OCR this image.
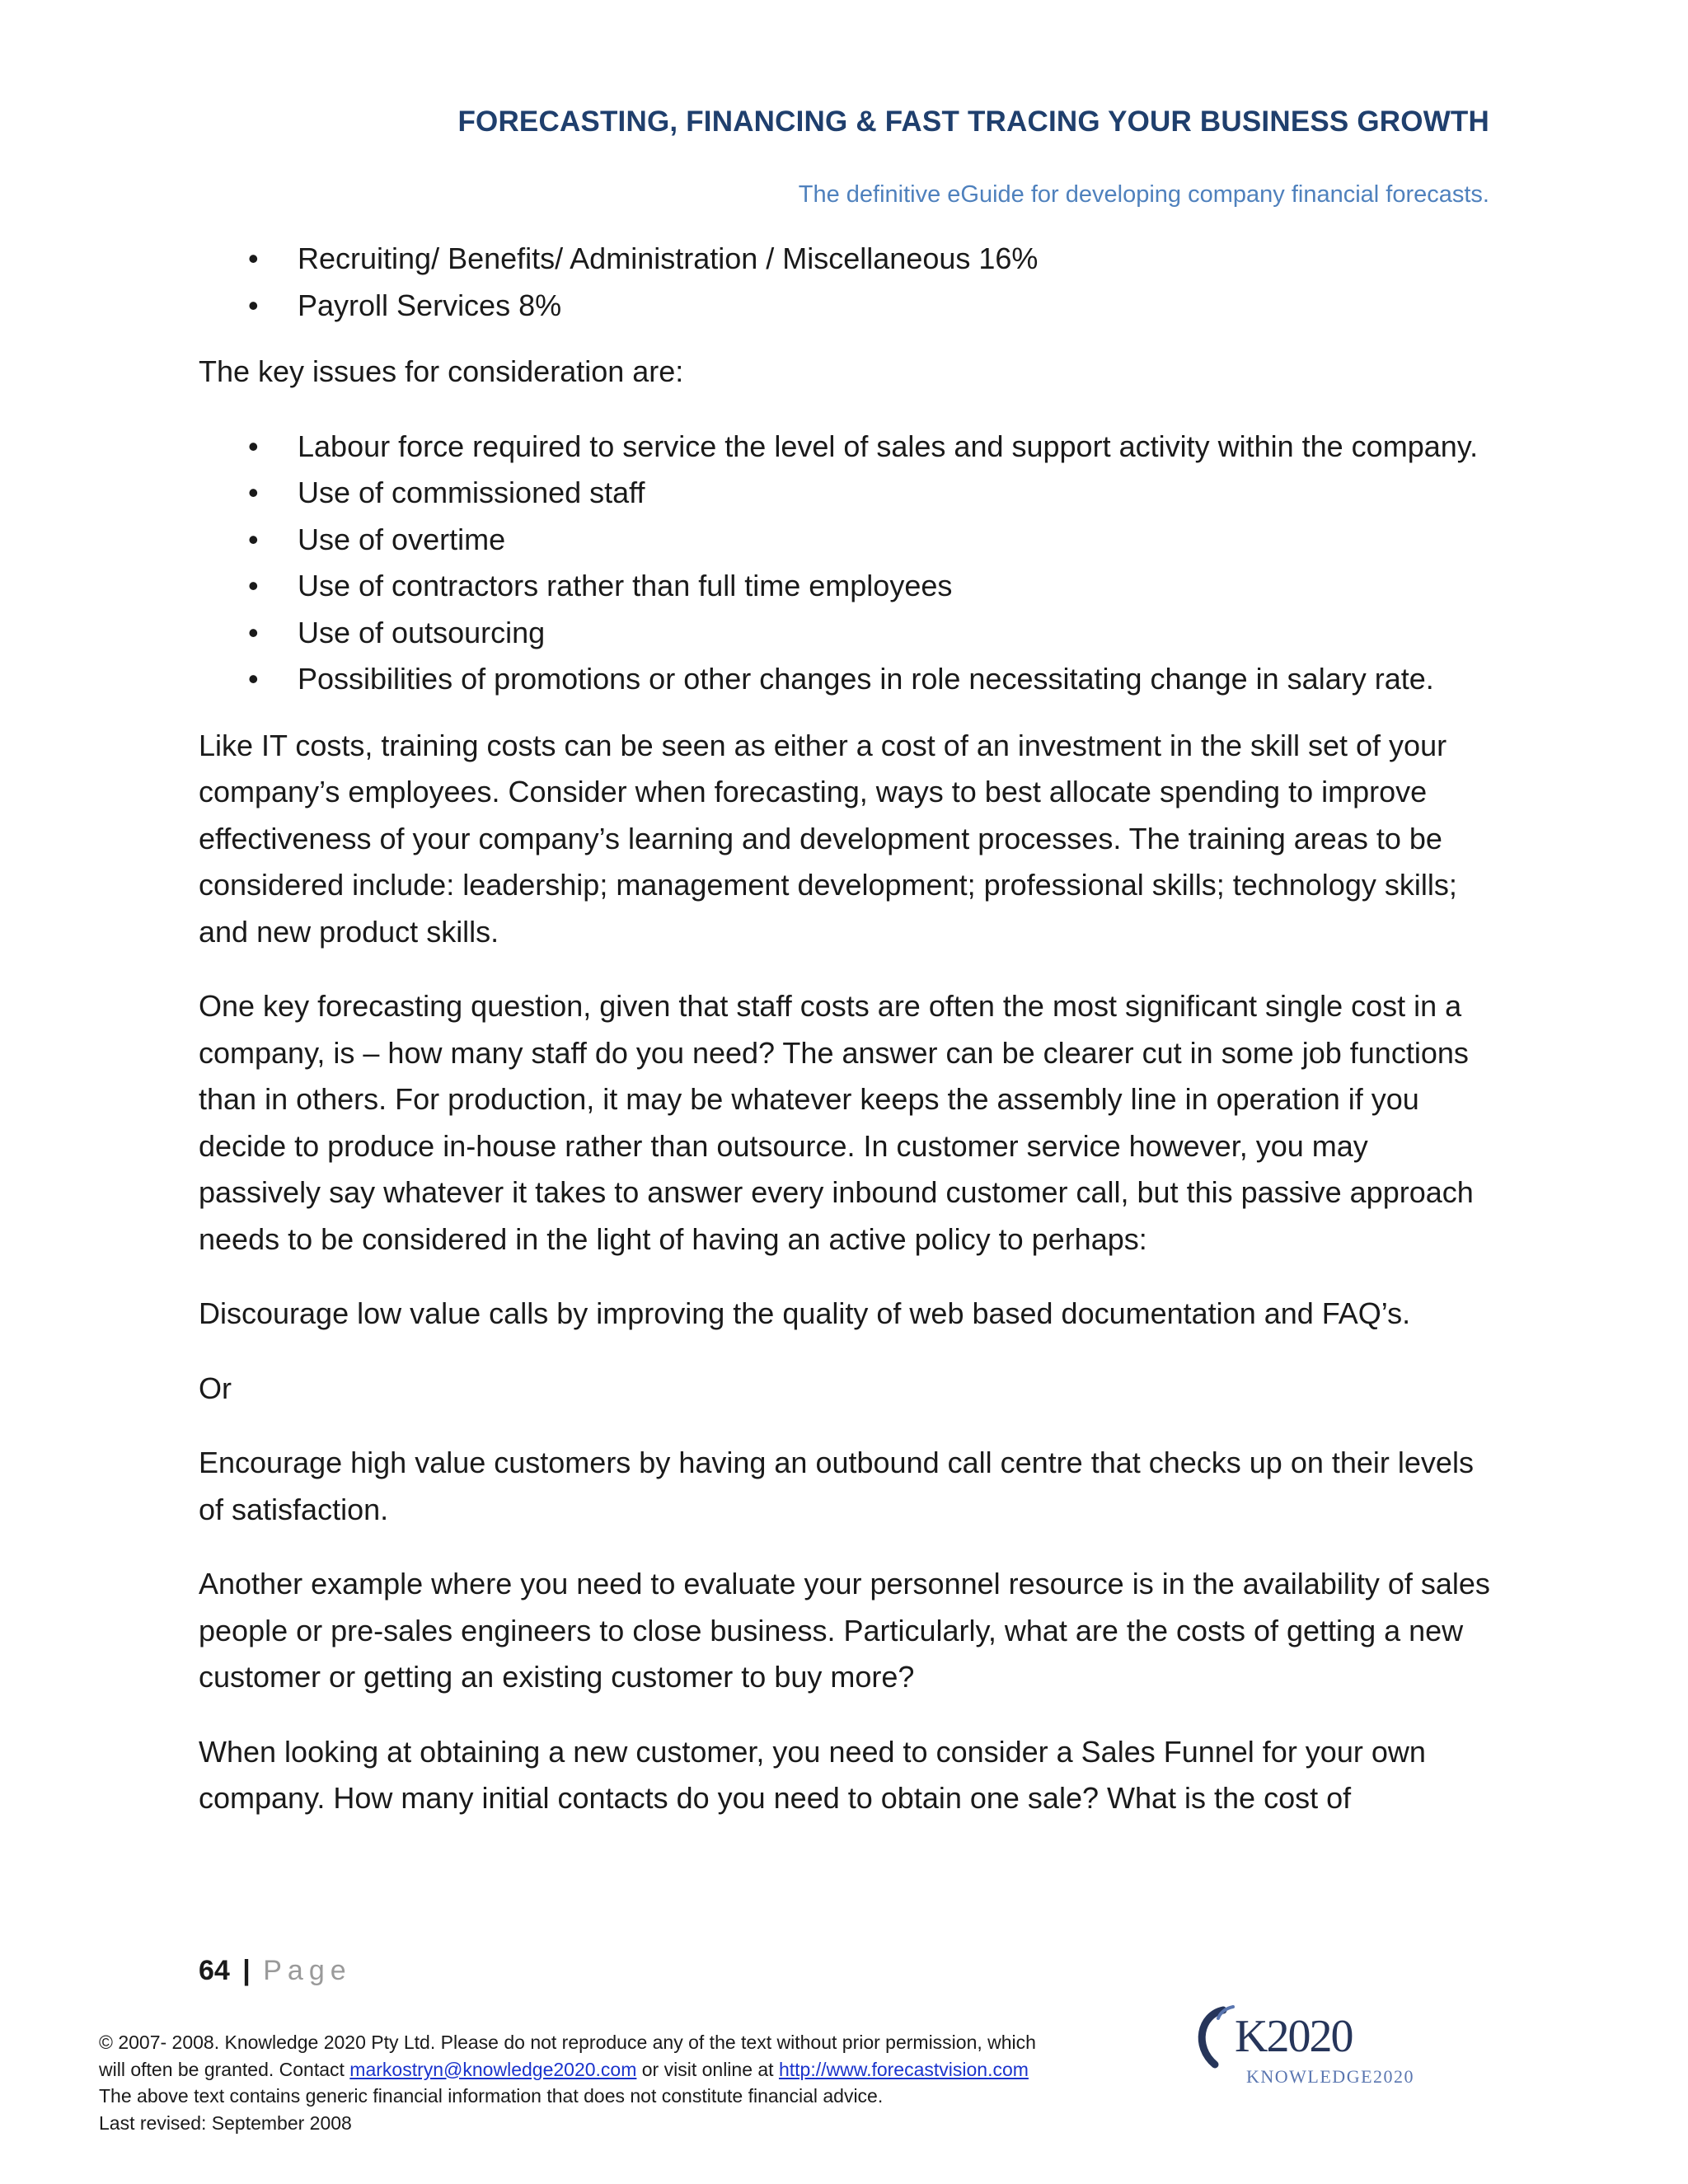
FORECASTING, FINANCING & FAST TRACING YOUR BUSINESS GROWTH
The definitive eGuide for developing company financial forecasts.
• Recruiting/ Benefits/ Administration / Miscellaneous 16%
• Payroll Services 8%

The key issues for consideration are:

• Labour force required to service the level of sales and support activity within the company.
• Use of commissioned staff
• Use of overtime
• Use of contractors rather than full time employees
• Use of outsourcing
• Possibilities of promotions or other changes in role necessitating change in salary rate.

Like IT costs, training costs can be seen as either a cost of an investment in the skill set of your company’s employees. Consider when forecasting, ways to best allocate spending to improve effectiveness of your company’s learning and development processes. The training areas to be considered include: leadership; management development; professional skills; technology skills; and new product skills.

One key forecasting question, given that staff costs are often the most significant single cost in a company, is – how many staff do you need? The answer can be clearer cut in some job functions than in others. For production, it may be whatever keeps the assembly line in operation if you decide to produce in-house rather than outsource. In customer service however, you may passively say whatever it takes to answer every inbound customer call, but this passive approach needs to be considered in the light of having an active policy to perhaps:

Discourage low value calls by improving the quality of web based documentation and FAQ’s.

Or

Encourage high value customers by having an outbound call centre that checks up on their levels of satisfaction.

Another example where you need to evaluate your personnel resource is in the availability of sales people or pre-sales engineers to close business. Particularly, what are the costs of getting a new customer or getting an existing customer to buy more?

When looking at obtaining a new customer, you need to consider a Sales Funnel for your own company. How many initial contacts do you need to obtain one sale? What is the cost of

64 | Page
© 2007- 2008. Knowledge 2020 Pty Ltd. Please do not reproduce any of the text without prior permission, which
will often be granted. Contact markostryn@knowledge2020.com or visit online at http://www.forecastvision.com
The above text contains generic financial information that does not constitute financial advice.
Last revised: September 2008
K2020
KNOWLEDGE2020
